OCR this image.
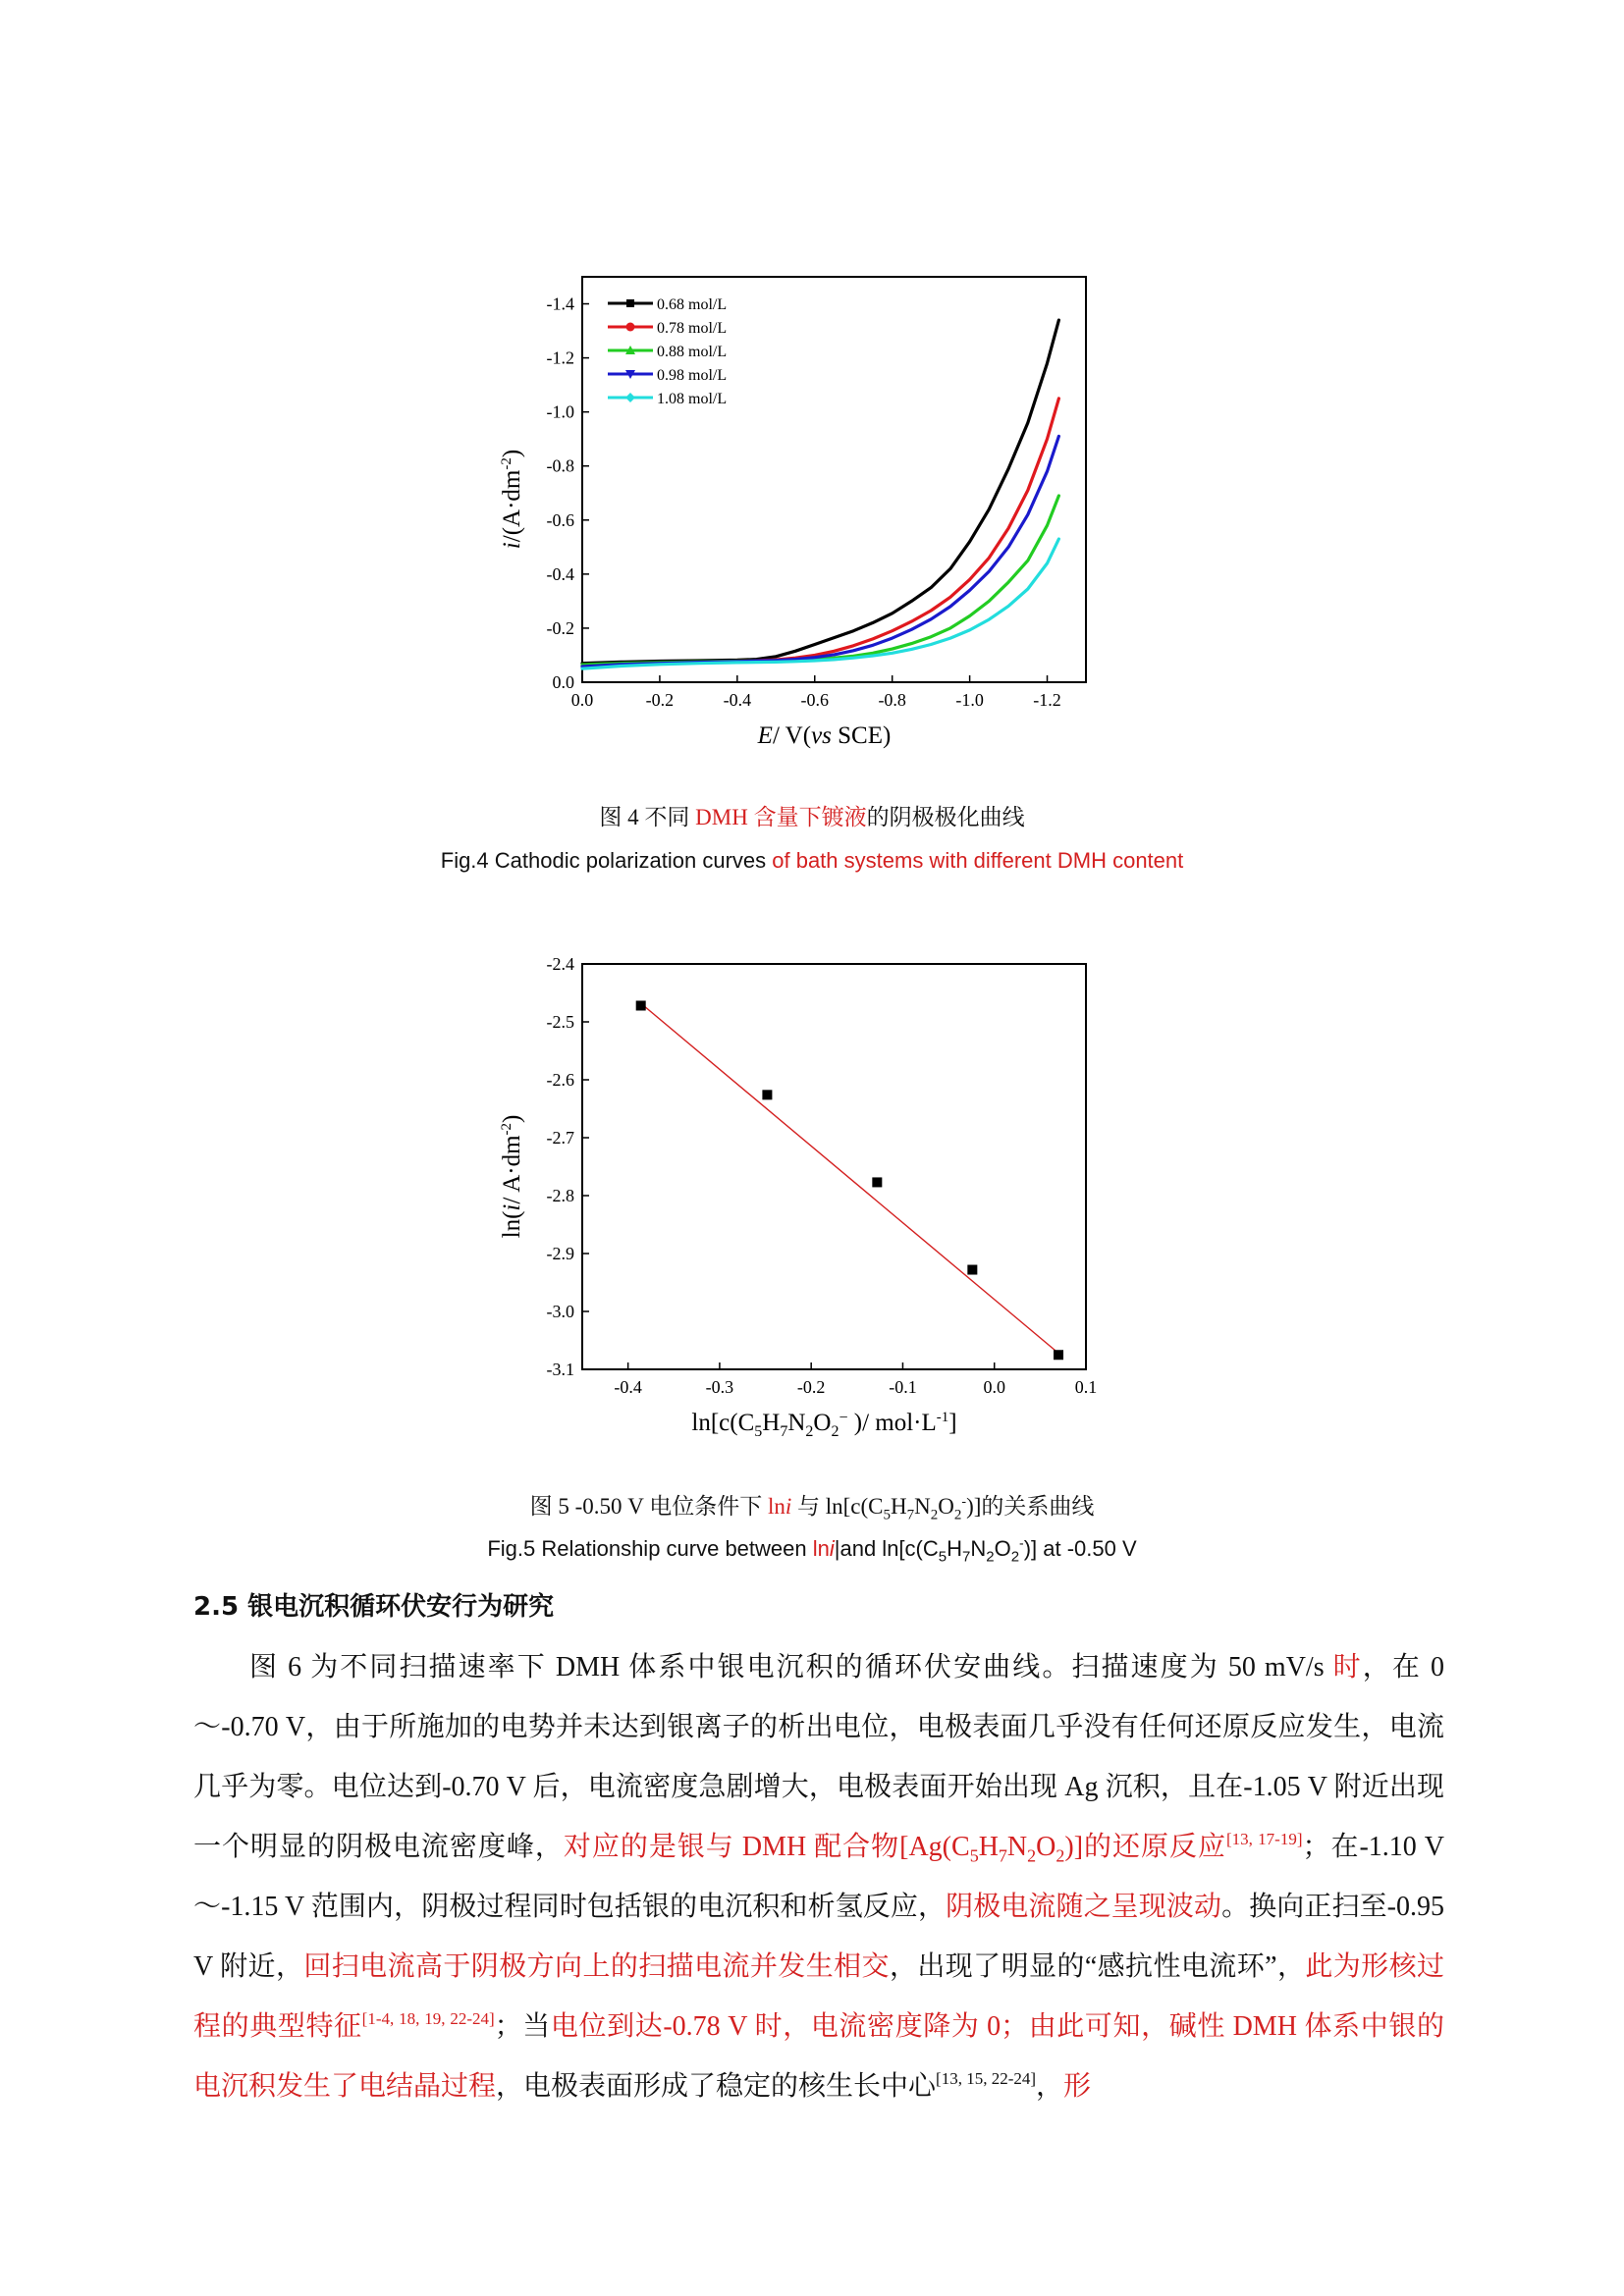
0.0	-0.2	-0.4	-0.6	-0.8	-1.0	-1.2
0.0
-0.2
-0.4
-0.6
-0.8
-1.0
-1.2
-1.4	0.68 mol/L
0.78 mol/L
0.88 mol/L
0.98 mol/L
1.08 mol/L
E/ V(vs SCE)
$i/(A\cdot dm^{-2})$
图 4 不同 DMH 含量下镀液的阴极极化曲线
Fig.4 Cathodic polarization curves of bath systems with different DMH content
-0.4	-0.3	-0.2	-0.1	0.0	0.1
-2.4
-2.5
-2.6
-2.7
-2.8
-2.9
-3.0
-3.1
$\ln[c(C_5H_7N_2O_2^-$ )/ $mol\cdot L^{-1}$]
ln(i/ $A\cdot dm^{-2}$)
图 5 -0.50 V 电位条件下 lni 与 $\ln[c(C_5H_7N_2O_2^-)]$的关系曲线
Fig.5 Relationship curve between lni|and $\ln[c(C_5H_7N_2O_2^-)]$ at -0.50 V
2.5 银电沉积循环伏安行为研究

图 6 为不同扫描速率下 DMH 体系中银电沉积的循环伏安曲线。扫描速度为 50 mV/s 时，在 0～-0.70 V，由于所施加的电势并未达到银离子的析出电位，电极表面几乎没有任何还原反应发生，电流几乎为零。电位达到-0.70 V 后，电流密度急剧增大，电极表面开始出现 Ag 沉积，且在-1.05 V 附近出现一个明显的阴极电流密度峰，对应的是银与 DMH 配合物$[Ag(C_5H_7N_2O_2)]$的还原反应[13, 17-19]；在-1.10 V～-1.15 V 范围内，阴极过程同时包括银的电沉积和析氢反应，阴极电流随之呈现波动。换向正扫至-0.95 V 附近，回扫电流高于阴极方向上的扫描电流并发生相交，出现了明显的“感抗性电流环”，此为形核过程的典型特征[1-4, 18, 19, 22-24]；当电位到达-0.78 V 时，电流密度降为 0；由此可知，碱性 DMH 体系中银的电沉积发生了电结晶过程，电极表面形成了稳定的核生长中心[13, 15, 22-24]，形
